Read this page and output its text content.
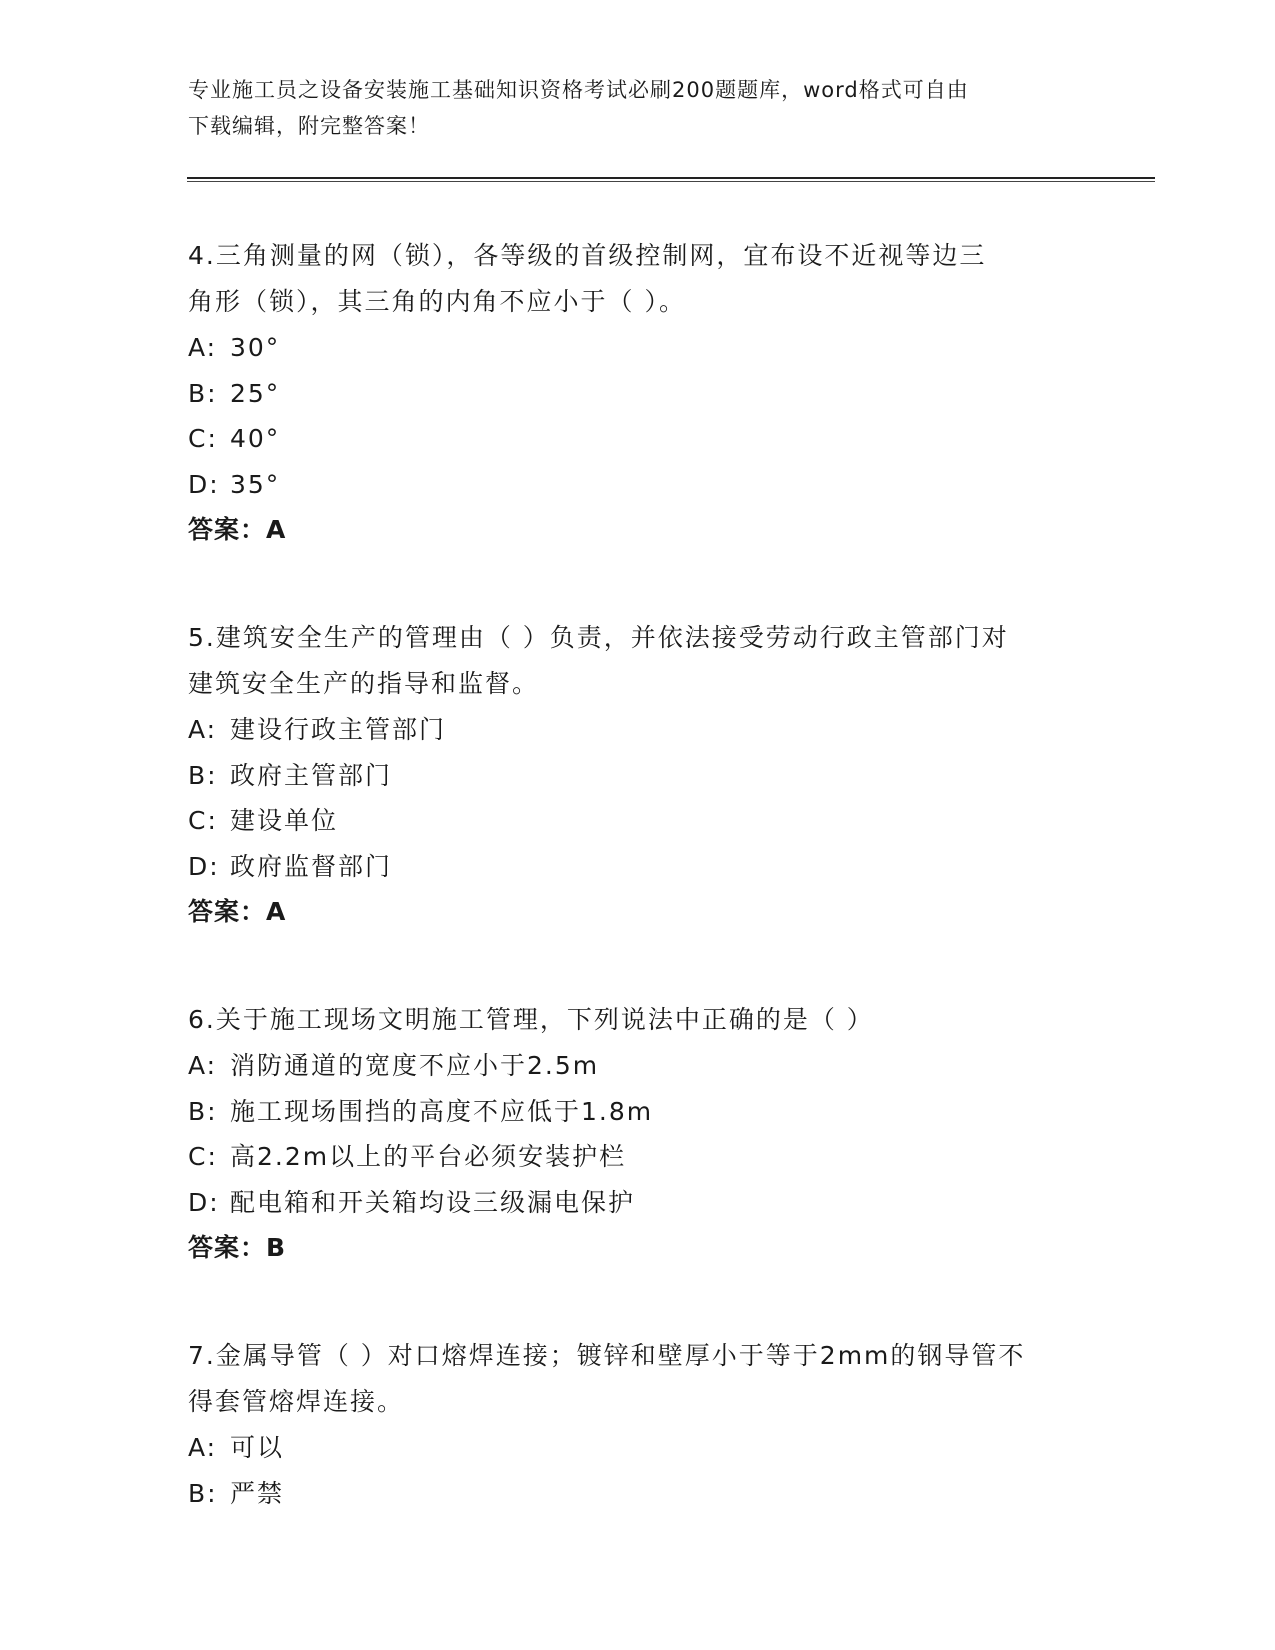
专业施工员之设备安装施工基础知识资格考试必刷200题题库，word格式可自由
下载编辑，附完整答案！

4.三角测量的网（锁），各等级的首级控制网，宜布设不近视等边三

角形（锁），其三角的内角不应小于（ ）。

A: 30°

B: 25°

C: 40°

D: 35°

答案：A

5.建筑安全生产的管理由（ ）负责，并依法接受劳动行政主管部门对

建筑安全生产的指导和监督。

A: 建设行政主管部门

B: 政府主管部门

C: 建设单位

D: 政府监督部门

答案：A

6.关于施工现场文明施工管理，下列说法中正确的是（ ）

A: 消防通道的宽度不应小于2.5m

B: 施工现场围挡的高度不应低于1.8m

C: 高2.2m以上的平台必须安装护栏

D: 配电箱和开关箱均设三级漏电保护

答案：B

7.金属导管（ ）对口熔焊连接；镀锌和壁厚小于等于2mm的钢导管不

得套管熔焊连接。

A: 可以

B: 严禁
